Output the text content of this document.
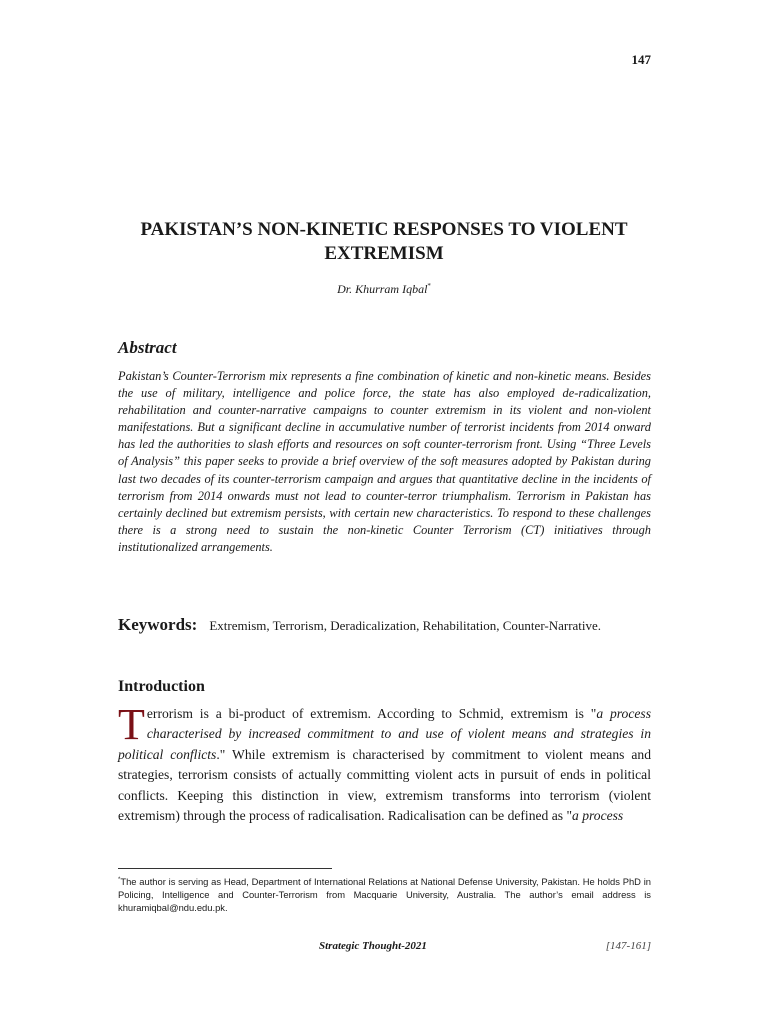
147
PAKISTAN’S NON-KINETIC RESPONSES TO VIOLENT EXTREMISM
Dr. Khurram Iqbal*
Abstract

Pakistan’s Counter-Terrorism mix represents a fine combination of kinetic and non-kinetic means. Besides the use of military, intelligence and police force, the state has also employed de-radicalization, rehabilitation and counter-narrative campaigns to counter extremism in its violent and non-violent manifestations. But a significant decline in accumulative number of terrorist incidents from 2014 onward has led the authorities to slash efforts and resources on soft counter-terrorism front. Using “Three Levels of Analysis” this paper seeks to provide a brief overview of the soft measures adopted by Pakistan during last two decades of its counter-terrorism campaign and argues that quantitative decline in the incidents of terrorism from 2014 onwards must not lead to counter-terror triumphalism. Terrorism in Pakistan has certainly declined but extremism persists, with certain new characteristics. To respond to these challenges there is a strong need to sustain the non-kinetic Counter Terrorism (CT) initiatives through institutionalized arrangements.

Keywords: Extremism, Terrorism, Deradicalization, Rehabilitation, Counter-Narrative.

Introduction

Terrorism is a bi-product of extremism. According to Schmid, extremism is "a process characterised by increased commitment to and use of violent means and strategies in political conflicts." While extremism is characterised by commitment to violent means and strategies, terrorism consists of actually committing violent acts in pursuit of ends in political conflicts. Keeping this distinction in view, extremism transforms into terrorism (violent extremism) through the process of radicalisation. Radicalisation can be defined as "a process

*The author is serving as Head, Department of International Relations at National Defense University, Pakistan. He holds PhD in Policing, Intelligence and Counter-Terrorism from Macquarie University, Australia. The author’s email address is khuramiqbal@ndu.edu.pk.

Strategic Thought-2021	[147-161]
